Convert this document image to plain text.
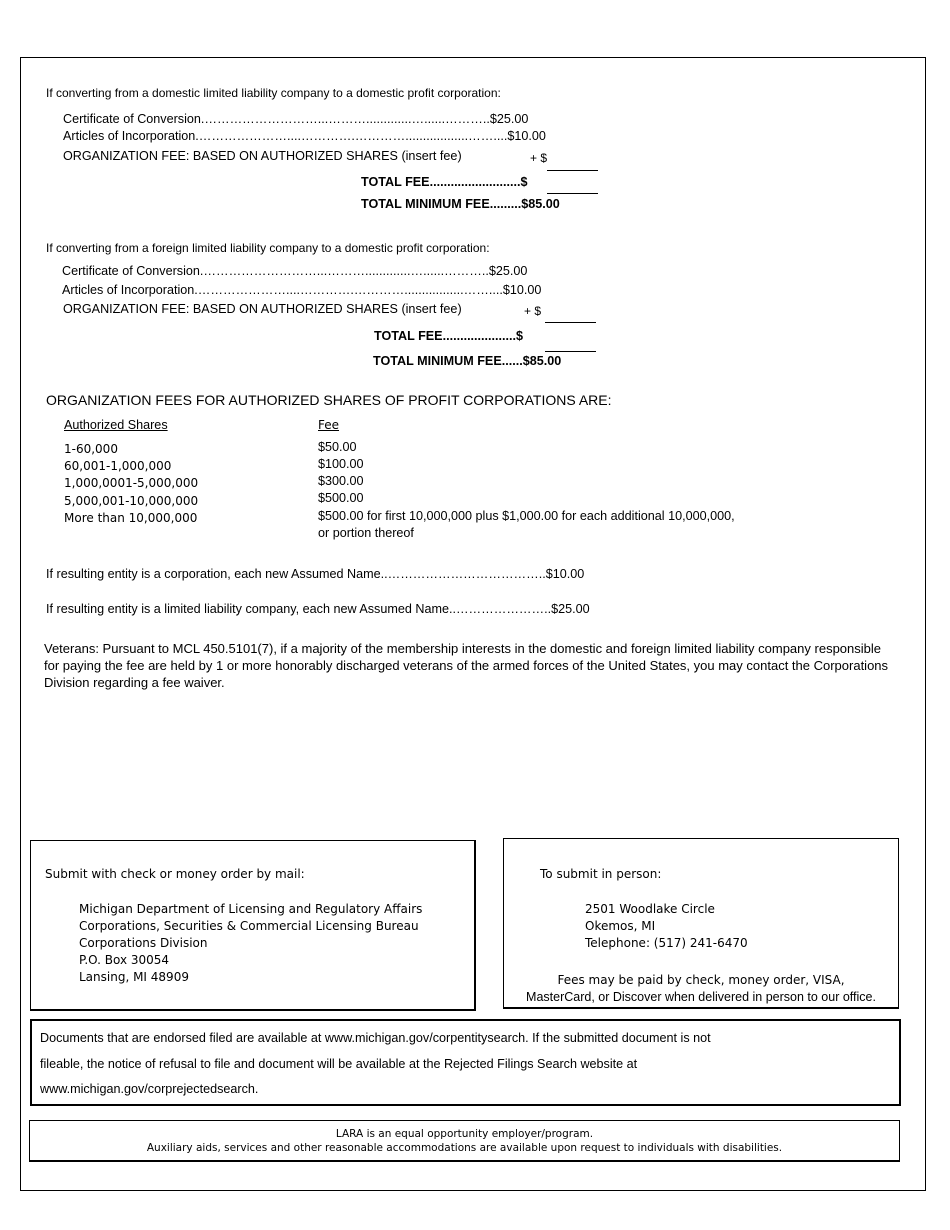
If converting from a domestic limited liability company to a domestic profit corporation:
Certificate of Conversion.………………………...……….............…......………..$25.00
Articles of Incorporation.…………………....………….…………..................……....$10.00
ORGANIZATION FEE: BASED ON AUTHORIZED SHARES (insert fee)	+ $
TOTAL FEE..........................$
TOTAL MINIMUM FEE.........$85.00
If converting from a foreign limited liability company to a domestic profit corporation:
Certificate of Conversion.………………………...……….............…......………..$25.00
Articles of Incorporation.…………………....………….………….................……....$10.00
ORGANIZATION FEE: BASED ON AUTHORIZED SHARES (insert fee)	+ $
TOTAL FEE.....................$
TOTAL MINIMUM FEE......$85.00
ORGANIZATION FEES FOR AUTHORIZED SHARES OF PROFIT CORPORATIONS ARE:
Authorized Shares	Fee
1-60,000	$50.00
60,001-1,000,000	$100.00
1,000,0001-5,000,000	$300.00
5,000,001-10,000,000	$500.00
More than 10,000,000	$500.00 for first 10,000,000 plus $1,000.00 for each additional 10,000,000,
or portion thereof
If resulting entity is a corporation, each new Assumed Name..………………………………..$10.00
If resulting entity is a limited liability company, each new Assumed Name..…………………..$25.00
Veterans: Pursuant to MCL 450.5101(7), if a majority of the membership interests in the domestic and foreign limited liability company responsible for paying the fee are held by 1 or more honorably discharged veterans of the armed forces of the United States, you may contact the Corporations Division regarding a fee waiver.
Submit with check or money order by mail:
Michigan Department of Licensing and Regulatory Affairs
Corporations, Securities & Commercial Licensing Bureau
Corporations Division
P.O. Box 30054
Lansing, MI 48909
To submit in person:
2501 Woodlake Circle
Okemos, MI
Telephone: (517) 241-6470
Fees may be paid by check, money order, VISA,
MasterCard, or Discover when delivered in person to our office.
Documents that are endorsed filed are available at www.michigan.gov/corpentitysearch. If the submitted document is not
fileable, the notice of refusal to file and document will be available at the Rejected Filings Search website at
www.michigan.gov/corprejectedsearch.
LARA is an equal opportunity employer/program.
Auxiliary aids, services and other reasonable accommodations are available upon request to individuals with disabilities.
